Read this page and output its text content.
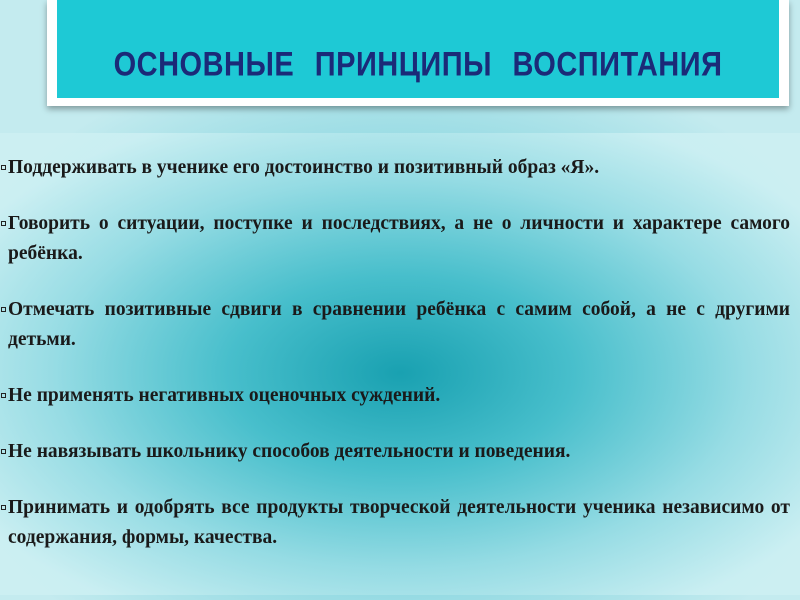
ОСНОВНЫЕ ПРИНЦИПЫ ВОСПИТАНИЯ
Поддерживать в ученике его достоинство и позитивный образ «Я».
Говорить о ситуации, поступке и последствиях, а не о личности и характере самого ребёнка.
Отмечать позитивные сдвиги в сравнении ребёнка с самим собой, а не с другими детьми.
Не применять негативных оценочных суждений.
Не навязывать школьнику способов деятельности и поведения.
Принимать и одобрять все продукты творческой деятельности ученика независимо от содержания, формы, качества.
